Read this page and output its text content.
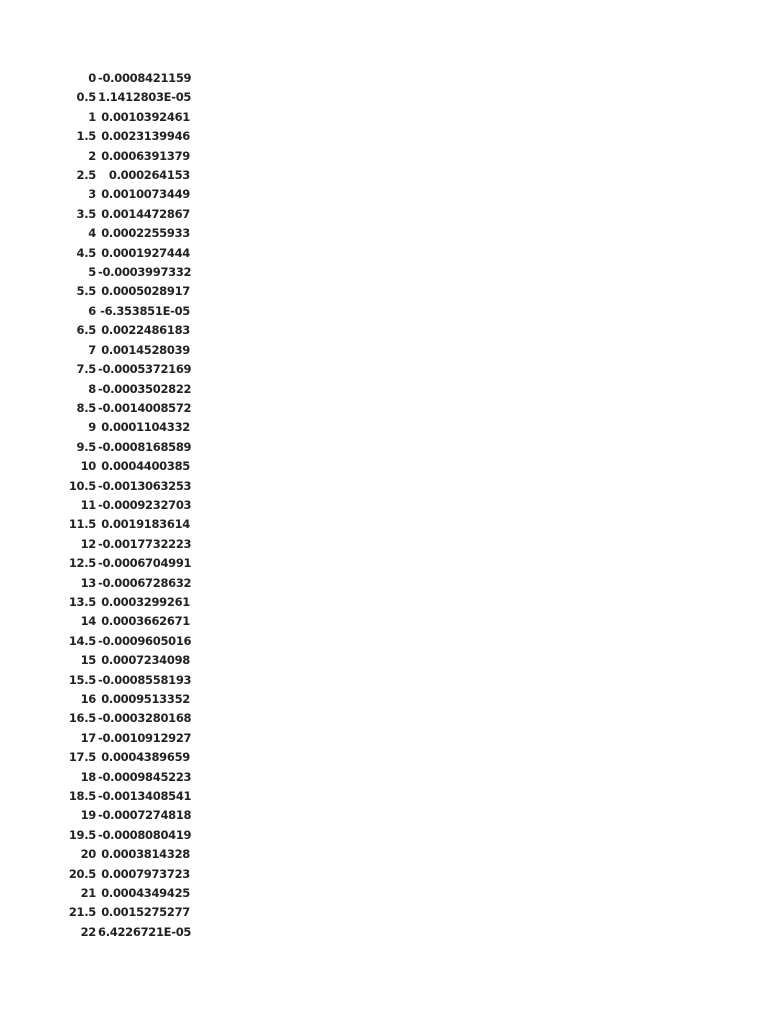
0	-0.0008421159
0.5	1.1412803E-05
1	0.0010392461
1.5	0.0023139946
2	0.0006391379
2.5	0.000264153
3	0.0010073449
3.5	0.0014472867
4	0.0002255933
4.5	0.0001927444
5	-0.0003997332
5.5	0.0005028917
6	-6.353851E-05
6.5	0.0022486183
7	0.0014528039
7.5	-0.0005372169
8	-0.0003502822
8.5	-0.0014008572
9	0.0001104332
9.5	-0.0008168589
10	0.0004400385
10.5	-0.0013063253
11	-0.0009232703
11.5	0.0019183614
12	-0.0017732223
12.5	-0.0006704991
13	-0.0006728632
13.5	0.0003299261
14	0.0003662671
14.5	-0.0009605016
15	0.0007234098
15.5	-0.0008558193
16	0.0009513352
16.5	-0.0003280168
17	-0.0010912927
17.5	0.0004389659
18	-0.0009845223
18.5	-0.0013408541
19	-0.0007274818
19.5	-0.0008080419
20	0.0003814328
20.5	0.0007973723
21	0.0004349425
21.5	0.0015275277
22	6.4226721E-05
